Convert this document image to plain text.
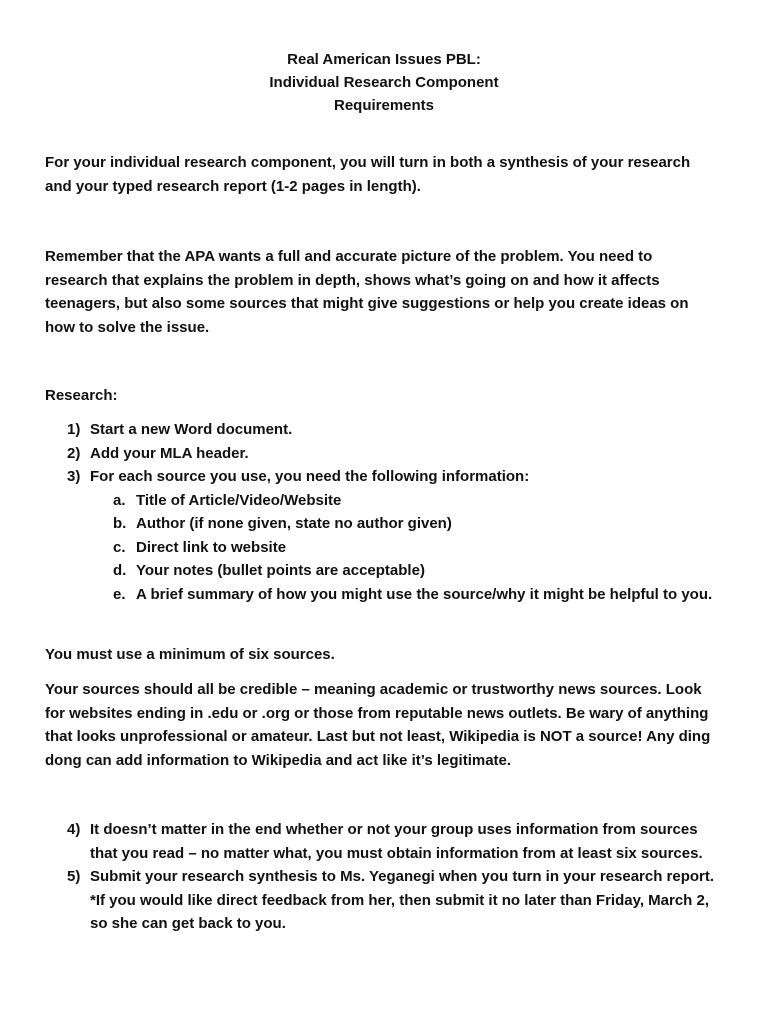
Real American Issues PBL:
Individual Research Component
Requirements

For your individual research component, you will turn in both a synthesis of your research and your typed research report (1-2 pages in length).

Remember that the APA wants a full and accurate picture of the problem. You need to research that explains the problem in depth, shows what’s going on and how it affects teenagers, but also some sources that might give suggestions or help you create ideas on how to solve the issue.

Research:

1) Start a new Word document.
2) Add your MLA header.
3) For each source you use, you need the following information:
a. Title of Article/Video/Website
b. Author (if none given, state no author given)
c. Direct link to website
d. Your notes (bullet points are acceptable)
e. A brief summary of how you might use the source/why it might be helpful to you.

You must use a minimum of six sources.

Your sources should all be credible – meaning academic or trustworthy news sources. Look for websites ending in .edu or .org or those from reputable news outlets. Be wary of anything that looks unprofessional or amateur. Last but not least, Wikipedia is NOT a source! Any ding dong can add information to Wikipedia and act like it’s legitimate.

4) It doesn’t matter in the end whether or not your group uses information from sources that you read – no matter what, you must obtain information from at least six sources.
5) Submit your research synthesis to Ms. Yeganegi when you turn in your research report. *If you would like direct feedback from her, then submit it no later than Friday, March 2, so she can get back to you.
